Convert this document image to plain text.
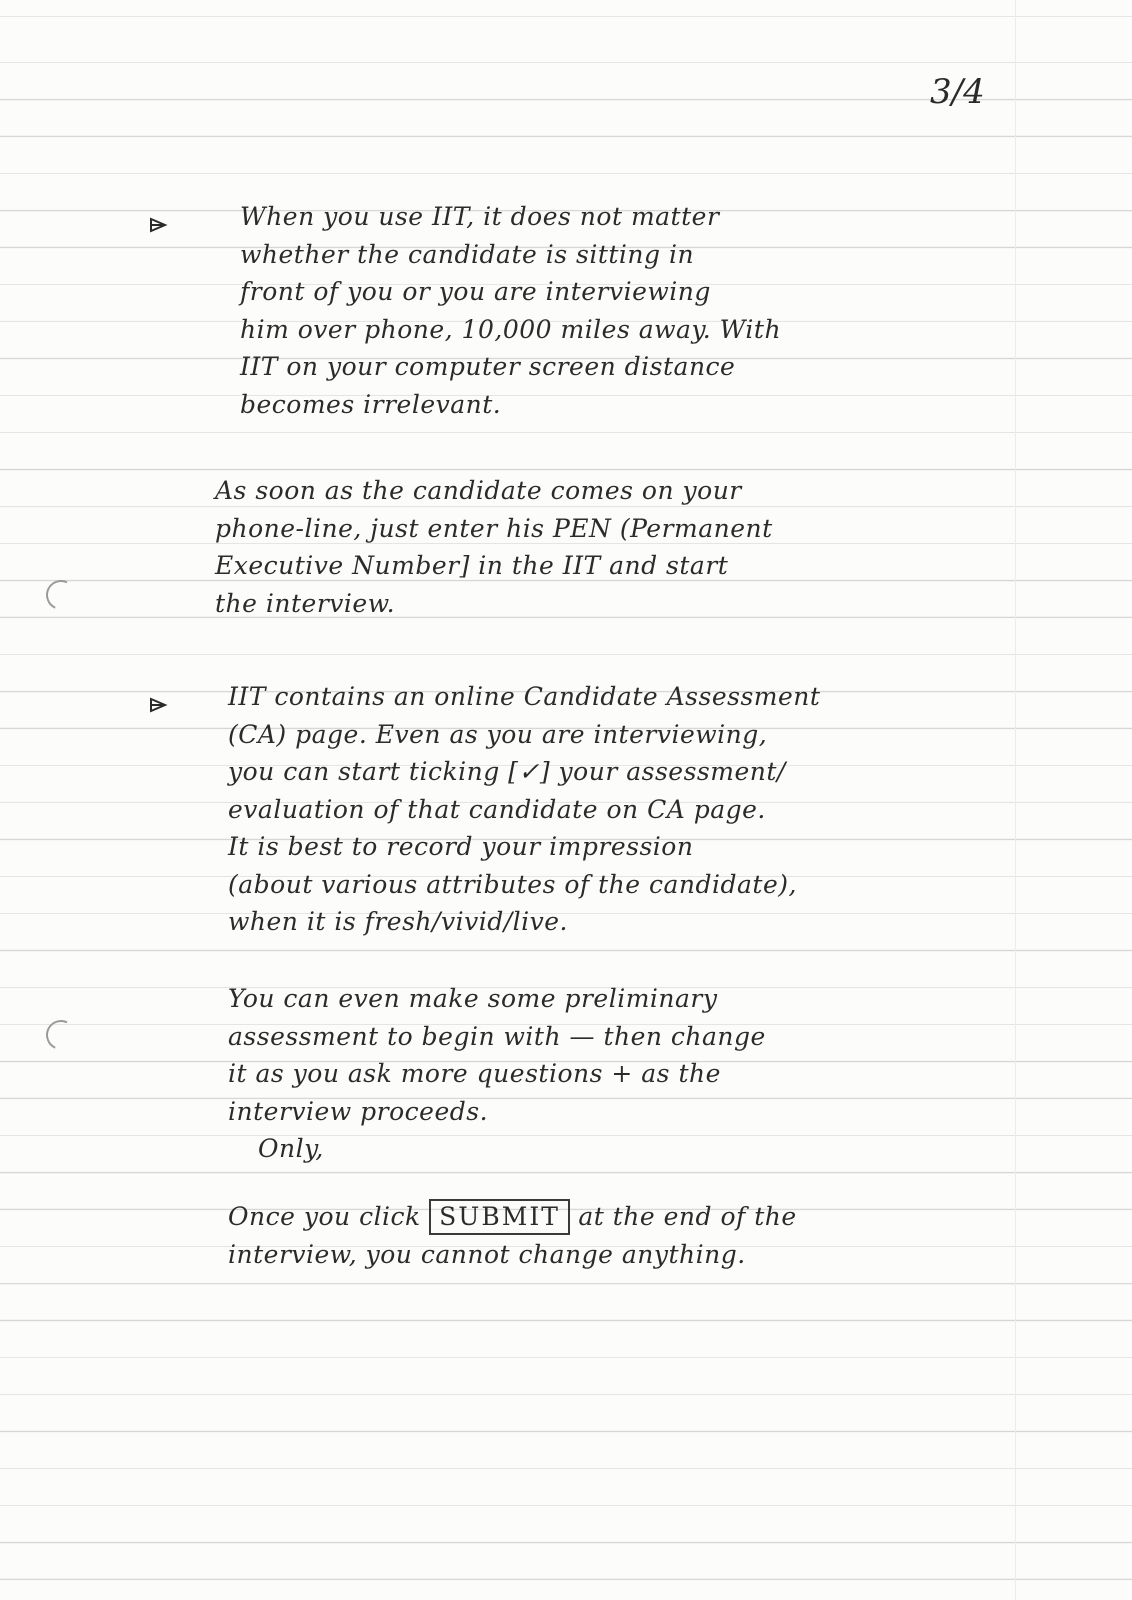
3/4

When you use IIT, it does not matter
whether the candidate is sitting in
front of you or you are interviewing
him over phone, 10,000 miles away. With
IIT on your computer screen distance
becomes irrelevant.

As soon as the candidate comes on your
phone-line, just enter his PEN (Permanent
Executive Number] in the IIT and start
the interview.

IIT contains an online Candidate Assessment
(CA) page. Even as you are interviewing,
you can start ticking [✓] your assessment/
evaluation of that candidate on CA page.
It is best to record your impression
(about various attributes of the candidate),
when it is fresh/vivid/live.

You can even make some preliminary
assessment to begin with — then change
it as you ask more questions + as the
interview proceeds.

Only,

Once you click SUBMIT at the end of the
interview, you cannot change anything.
